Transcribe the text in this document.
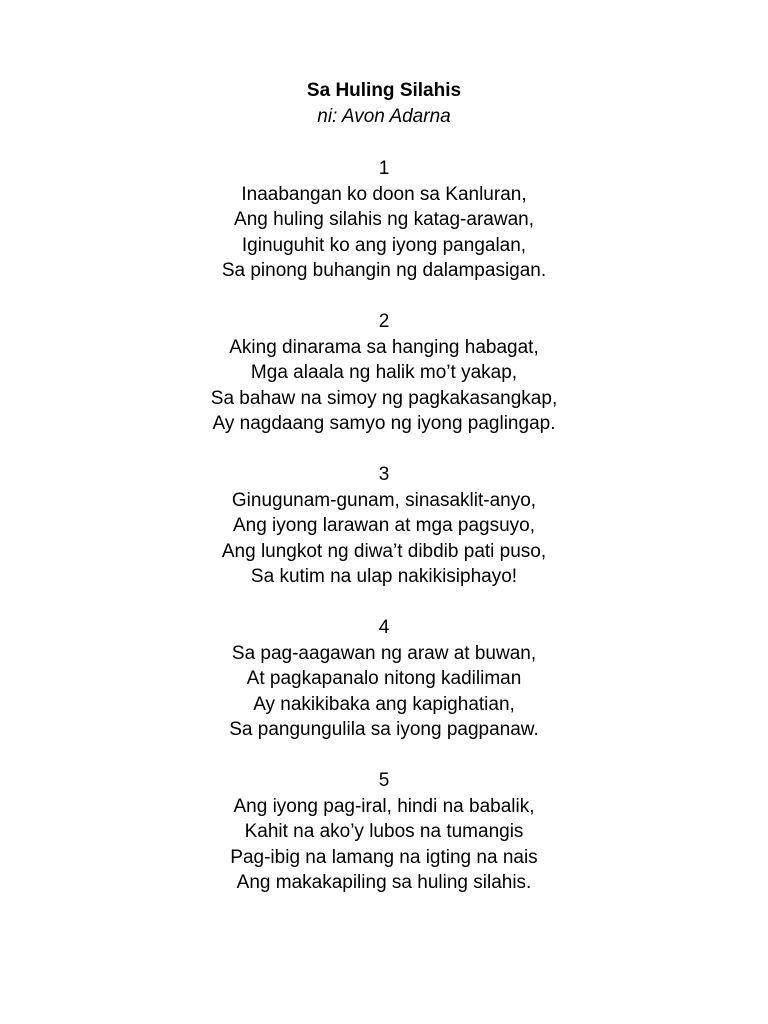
Sa Huling Silahis
ni: Avon Adarna
1
Inaabangan ko doon sa Kanluran,
Ang huling silahis ng katag-arawan,
Iginuguhit ko ang iyong pangalan,
Sa pinong buhangin ng dalampasigan.
2
Aking dinarama sa hanging habagat,
Mga alaala ng halik mo’t yakap,
Sa bahaw na simoy ng pagkakasangkap,
Ay nagdaang samyo ng iyong paglingap.
3
Ginugunam-gunam, sinasaklit-anyo,
Ang iyong larawan at mga pagsuyo,
Ang lungkot ng diwa’t dibdib pati puso,
Sa kutim na ulap nakikisiphayo!
4
Sa pag-aagawan ng araw at buwan,
At pagkapanalo nitong kadiliman
Ay nakikibaka ang kapighatian,
Sa pangungulila sa iyong pagpanaw.
5
Ang iyong pag-iral, hindi na babalik,
Kahit na ako’y lubos na tumangis
Pag-ibig na lamang na igting na nais
Ang makakapiling sa huling silahis.
